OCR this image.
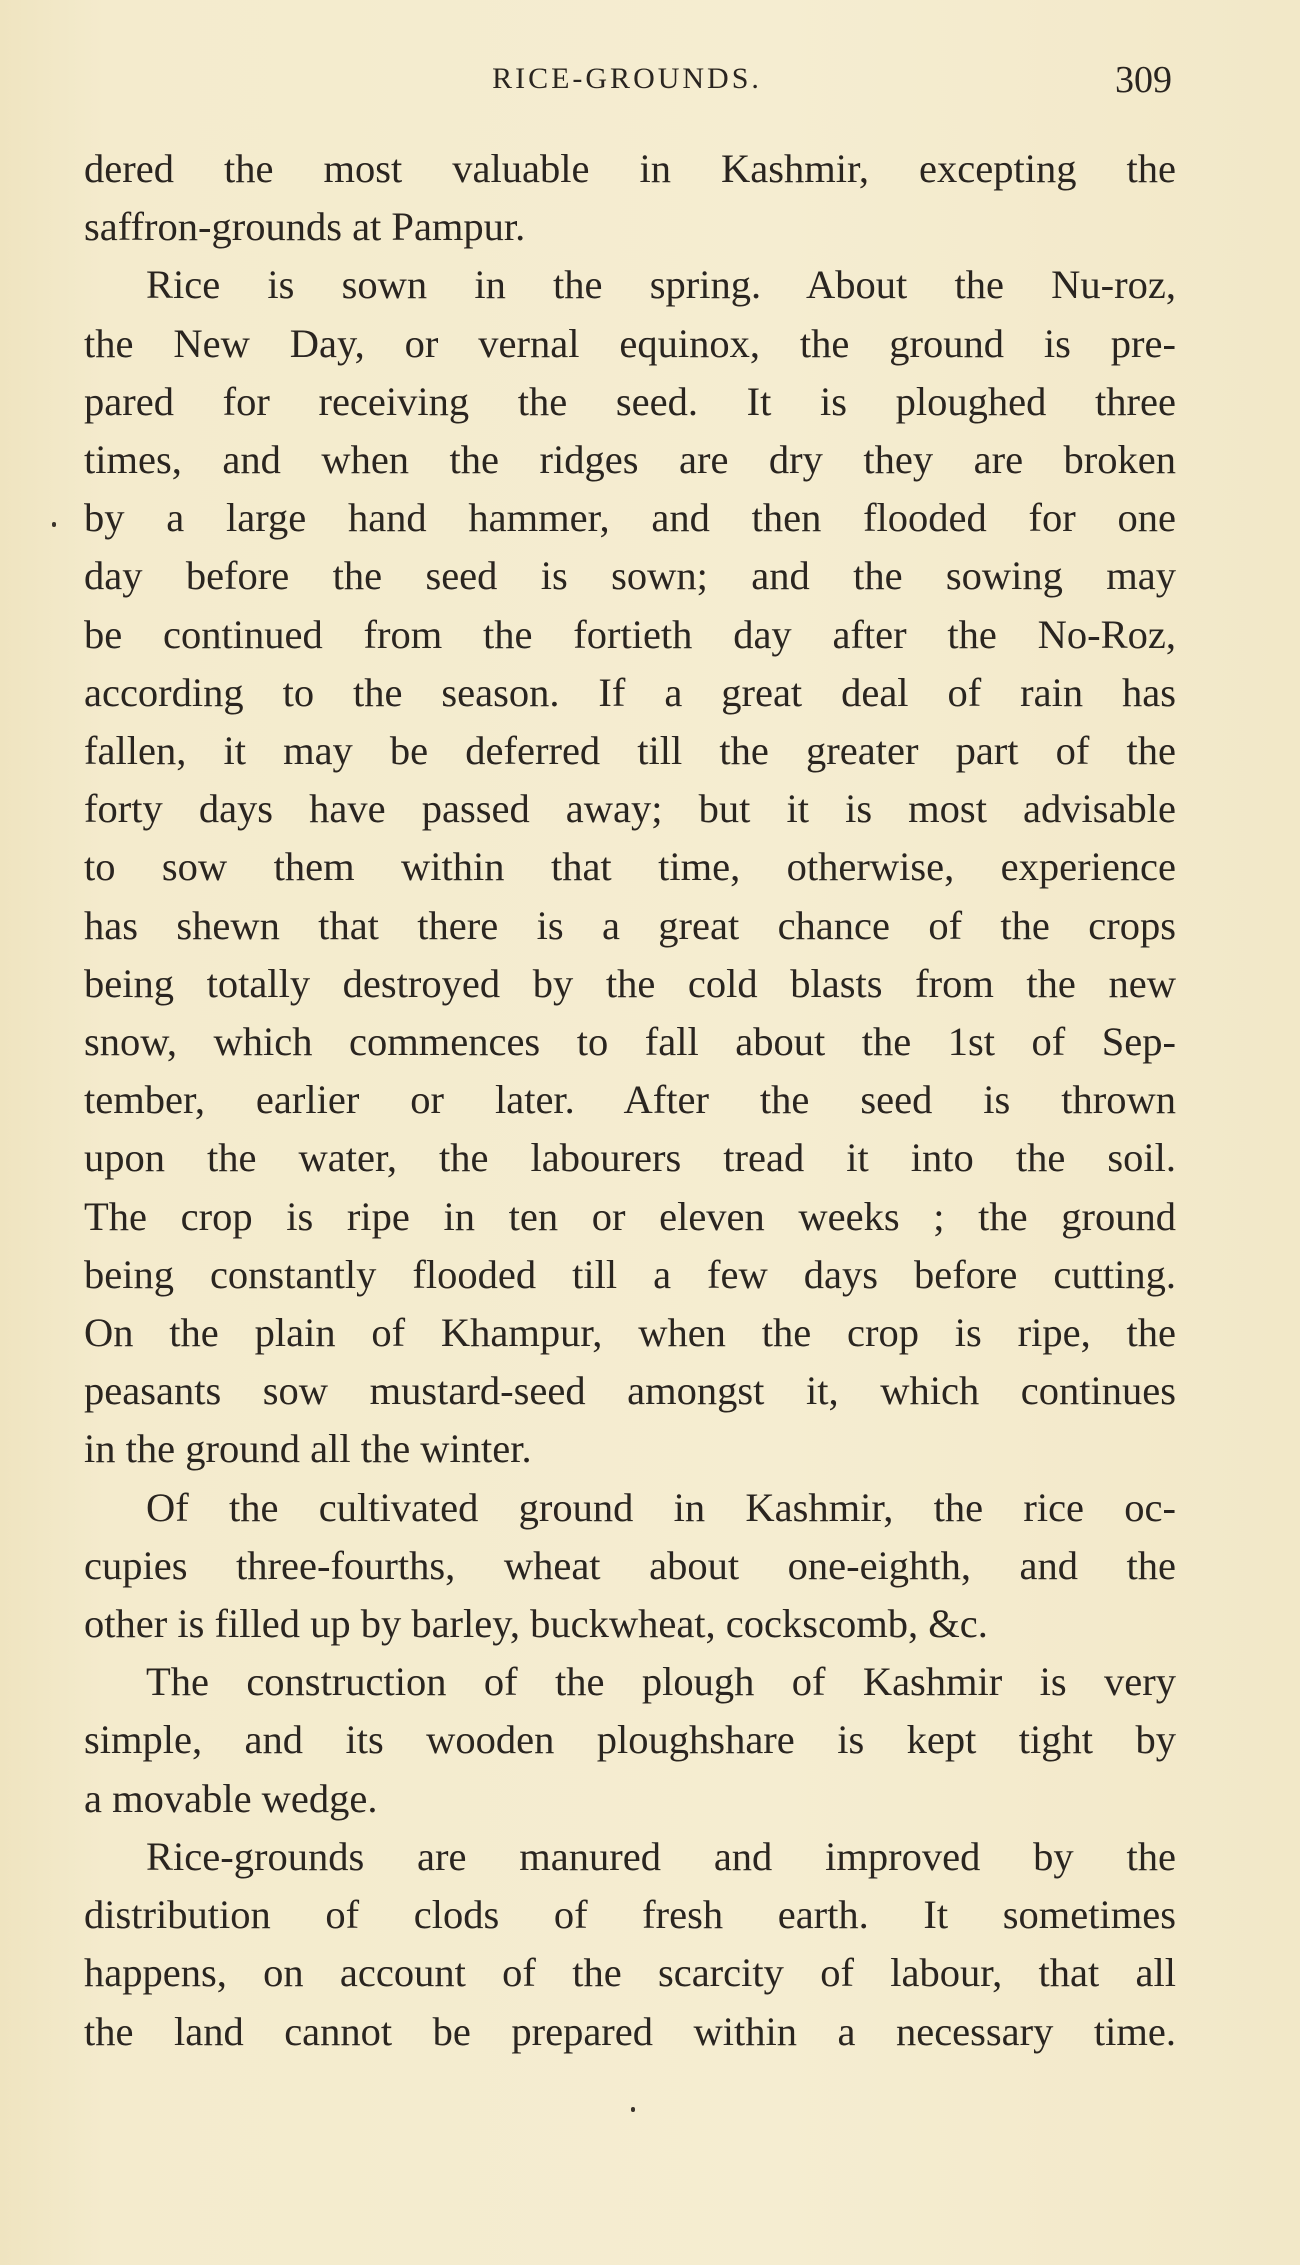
RICE-GROUNDS.	309
dered the most valuable in Kashmir, excepting the
saffron-grounds at Pampur.
Rice is sown in the spring. About the Nu-roz,
the New Day, or vernal equinox, the ground is pre-
pared for receiving the seed. It is ploughed three
times, and when the ridges are dry they are broken
by a large hand hammer, and then flooded for one
day before the seed is sown; and the sowing may
be continued from the fortieth day after the No-Roz,
according to the season. If a great deal of rain has
fallen, it may be deferred till the greater part of the
forty days have passed away; but it is most advisable
to sow them within that time, otherwise, experience
has shewn that there is a great chance of the crops
being totally destroyed by the cold blasts from the new
snow, which commences to fall about the 1st of Sep-
tember, earlier or later. After the seed is thrown
upon the water, the labourers tread it into the soil.
The crop is ripe in ten or eleven weeks ; the ground
being constantly flooded till a few days before cutting.
On the plain of Khampur, when the crop is ripe, the
peasants sow mustard-seed amongst it, which continues
in the ground all the winter.
Of the cultivated ground in Kashmir, the rice oc-
cupies three-fourths, wheat about one-eighth, and the
other is filled up by barley, buckwheat, cockscomb, &c.
The construction of the plough of Kashmir is very
simple, and its wooden ploughshare is kept tight by
a movable wedge.
Rice-grounds are manured and improved by the
distribution of clods of fresh earth. It sometimes
happens, on account of the scarcity of labour, that all
the land cannot be prepared within a necessary time.
